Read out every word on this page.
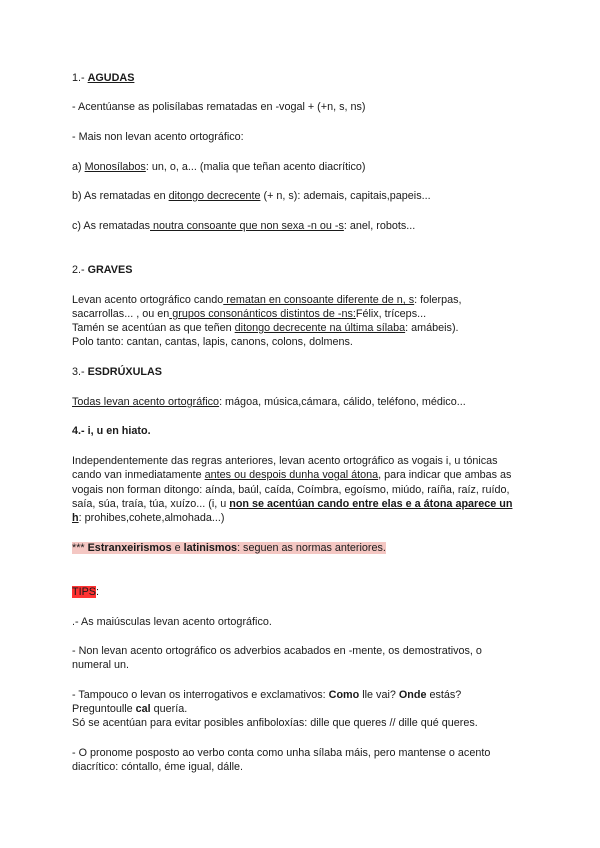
1.- AGUDAS
- Acentúanse as polisílabas rematadas en -vogal + (+n, s, ns)
- Mais non levan acento ortográfico:
a) Monosílabos: un, o, a... (malia que teñan acento diacrítico)
b) As rematadas en ditongo decrecente (+ n, s): ademais, capitais,papeis...
c) As rematadas noutra consoante que non sexa -n ou -s: anel, robots...
2.- GRAVES
Levan acento ortográfico cando rematan en consoante diferente de n, s: folerpas,
sacarrollas... , ou en grupos consonánticos distintos de -ns:Félix, tríceps...
Tamén se acentúan as que teñen ditongo decrecente na última sílaba: amábeis).
Polo tanto: cantan, cantas, lapis, canons, colons, dolmens.
3.- ESDRÚXULAS
Todas levan acento ortográfico: mágoa, música,cámara, cálido, teléfono, médico...
4.- i, u en hiato.
Independentemente das regras anteriores, levan acento ortográfico as vogais i, u tónicas
cando van inmediatamente antes ou despois dunha vogal átona, para indicar que ambas as
vogais non forman ditongo: aínda, baúl, caída, Coímbra, egoísmo, miúdo, raíña, raíz, ruído,
saía, súa, traía, túa, xuízo... (i, u non se acentúan cando entre elas e a átona aparece un
h: prohibes,cohete,almohada...)
*** Estranxeirismos e latinismos: seguen as normas anteriores.
TIPS:
.- As maiúsculas levan acento ortográfico.
- Non levan acento ortográfico os adverbios acabados en -mente, os demostrativos, o
numeral un.
- Tampouco o levan os interrogativos e exclamativos: Como lle vai? Onde estás?
Preguntoulle cal quería.
Só se acentúan para evitar posibles anfiboloxías: dille que queres // dille qué queres.
- O pronome posposto ao verbo conta como unha sílaba máis, pero mantense o acento
diacrítico: cóntallo, éme igual, dálle.
